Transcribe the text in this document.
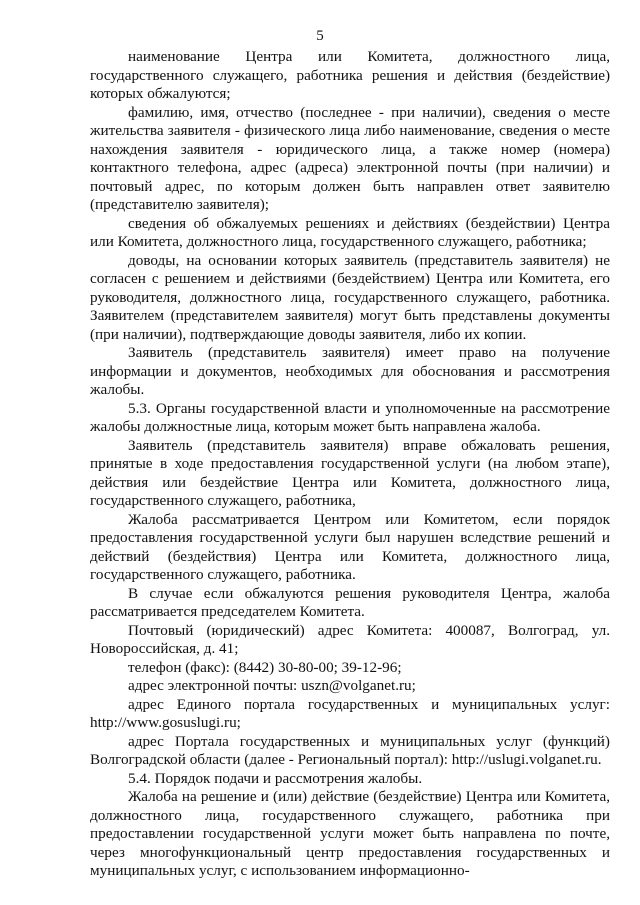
5

наименование Центра или Комитета, должностного лица, государственного служащего, работника решения и действия (бездействие) которых обжалуются;

фамилию, имя, отчество (последнее - при наличии), сведения о месте жительства заявителя - физического лица либо наименование, сведения о месте нахождения заявителя - юридического лица, а также номер (номера) контактного телефона, адрес (адреса) электронной почты (при наличии) и почтовый адрес, по которым должен быть направлен ответ заявителю (представителю заявителя);

сведения об обжалуемых решениях и действиях (бездействии) Центра или Комитета, должностного лица, государственного служащего, работника;

доводы, на основании которых заявитель (представитель заявителя) не согласен с решением и действиями (бездействием) Центра или Комитета, его руководителя, должностного лица, государственного служащего, работника. Заявителем (представителем заявителя) могут быть представлены документы (при наличии), подтверждающие доводы заявителя, либо их копии.

Заявитель (представитель заявителя) имеет право на получение информации и документов, необходимых для обоснования и рассмотрения жалобы.

5.3. Органы государственной власти и уполномоченные на рассмотрение жалобы должностные лица, которым может быть направлена жалоба.

Заявитель (представитель заявителя) вправе обжаловать решения, принятые в ходе предоставления государственной услуги (на любом этапе), действия или бездействие Центра или Комитета, должностного лица, государственного служащего, работника,

Жалоба рассматривается Центром или Комитетом, если порядок предоставления государственной услуги был нарушен вследствие решений и действий (бездействия) Центра или Комитета, должностного лица, государственного служащего, работника.

В случае если обжалуются решения руководителя Центра, жалоба рассматривается председателем Комитета.

Почтовый (юридический) адрес Комитета: 400087, Волгоград, ул. Новороссийская, д. 41;

телефон (факс): (8442) 30-80-00; 39-12-96;

адрес электронной почты: uszn@volganet.ru;

адрес Единого портала государственных и муниципальных услуг: http://www.gosuslugi.ru;

адрес Портала государственных и муниципальных услуг (функций) Волгоградской области (далее - Региональный портал): http://uslugi.volganet.ru.

5.4. Порядок подачи и рассмотрения жалобы.

Жалоба на решение и (или) действие (бездействие) Центра или Комитета, должностного лица, государственного служащего, работника при предоставлении государственной услуги может быть направлена по почте, через многофункциональный центр предоставления государственных и муниципальных услуг, с использованием информационно-
